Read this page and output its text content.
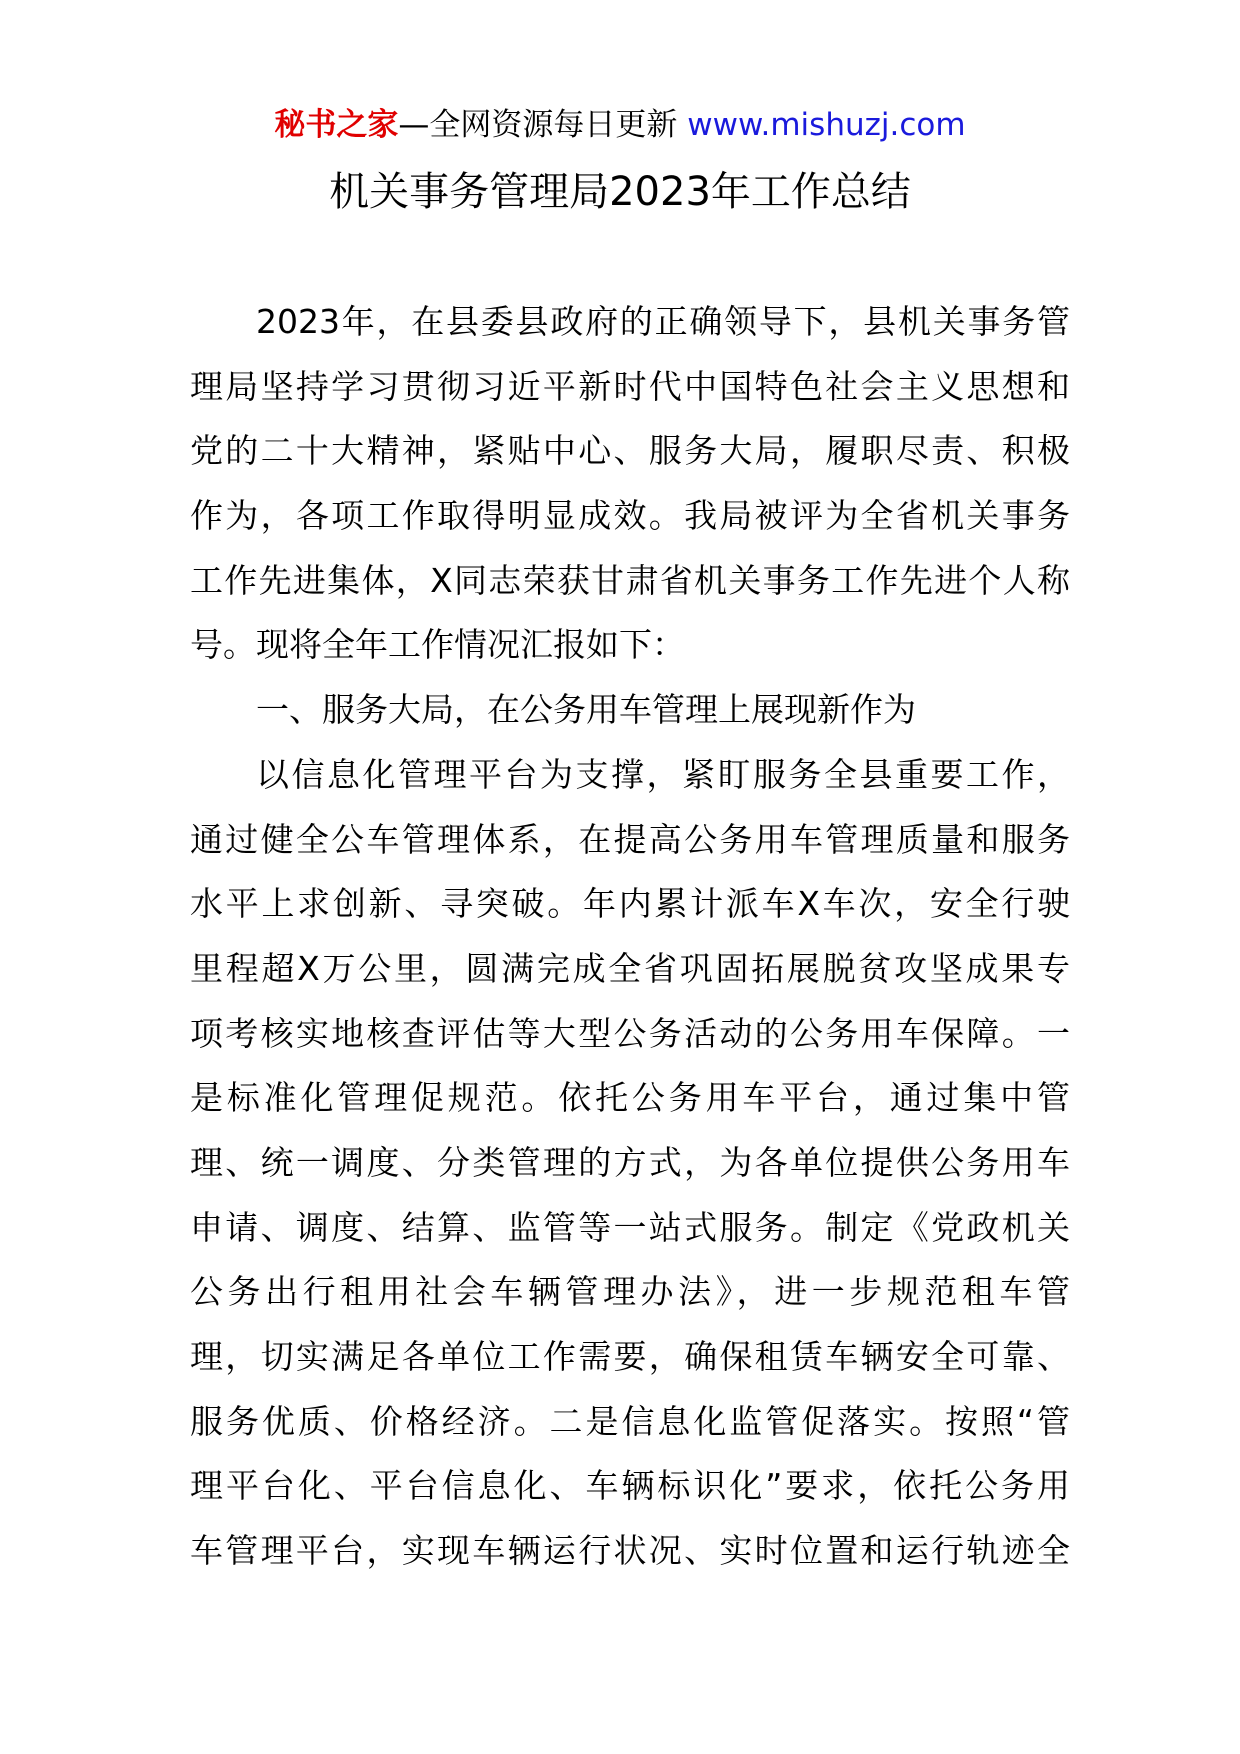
秘书之家—全网资源每日更新 www.mishuzj.com
机关事务管理局2023年工作总结
2023年，在县委县政府的正确领导下，县机关事务管
理局坚持学习贯彻习近平新时代中国特色社会主义思想和
党的二十大精神，紧贴中心、服务大局，履职尽责、积极
作为，各项工作取得明显成效。我局被评为全省机关事务
工作先进集体，X同志荣获甘肃省机关事务工作先进个人称
号。现将全年工作情况汇报如下：
一、服务大局，在公务用车管理上展现新作为
以信息化管理平台为支撑，紧盯服务全县重要工作，
通过健全公车管理体系，在提高公务用车管理质量和服务
水平上求创新、寻突破。年内累计派车X车次，安全行驶
里程超X万公里，圆满完成全省巩固拓展脱贫攻坚成果专
项考核实地核查评估等大型公务活动的公务用车保障。一
是标准化管理促规范。依托公务用车平台，通过集中管
理、统一调度、分类管理的方式，为各单位提供公务用车
申请、调度、结算、监管等一站式服务。制定《党政机关
公务出行租用社会车辆管理办法》，进一步规范租车管
理，切实满足各单位工作需要，确保租赁车辆安全可靠、
服务优质、价格经济。二是信息化监管促落实。按照“管
理平台化、平台信息化、车辆标识化”要求，依托公务用
车管理平台，实现车辆运行状况、实时位置和运行轨迹全
